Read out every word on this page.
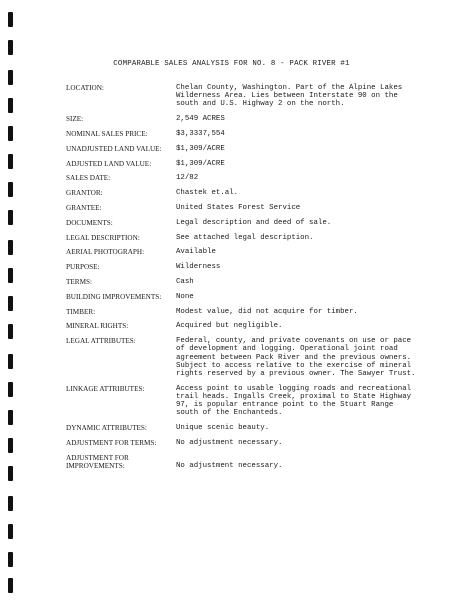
COMPARABLE SALES ANALYSIS FOR NO. 8 - PACK RIVER #1
LOCATION:	Chelan County, Washington. Part of the Alpine Lakes
Wilderness Area. Lies between Interstate 90 on the
south and U.S. Highway 2 on the north.
SIZE:	2,549 ACRES
NOMINAL SALES PRICE:	$3,3337,554
UNADJUSTED LAND VALUE:	$1,309/ACRE
ADJUSTED LAND VALUE:	$1,309/ACRE
SALES DATE:	12/82
GRANTOR:	Chastek et.al.
GRANTEE:	United States Forest Service
DOCUMENTS:	Legal description and deed of sale.
LEGAL DESCRIPTION:	See attached legal description.
AERIAL PHOTOGRAPH:	Available
PURPOSE:	Wilderness
TERMS:	Cash
BUILDING IMPROVEMENTS:	None
TIMBER:	Modest value, did not acquire for timber.
MINERAL RIGHTS:	Acquired but negligible.
LEGAL ATTRIBUTES:	Federal, county, and private covenants on use or pace
of development and logging. Operational joint road
agreement between Pack River and the previous owners.
Subject to access relative to the exercise of mineral
rights reserved by a previous owner. The Sawyer Trust.
LINKAGE ATTRIBUTES:	Access point to usable logging roads and recreational
trail heads. Ingalls Creek, proximal to State Highway
97, is popular entrance point to the Stuart Range
south of the Enchanteds.
DYNAMIC ATTRIBUTES:	Unique scenic beauty.
ADJUSTMENT FOR TERMS:	No adjustment necessary.
ADJUSTMENT FOR
IMPROVEMENTS:	
No adjustment necessary.
